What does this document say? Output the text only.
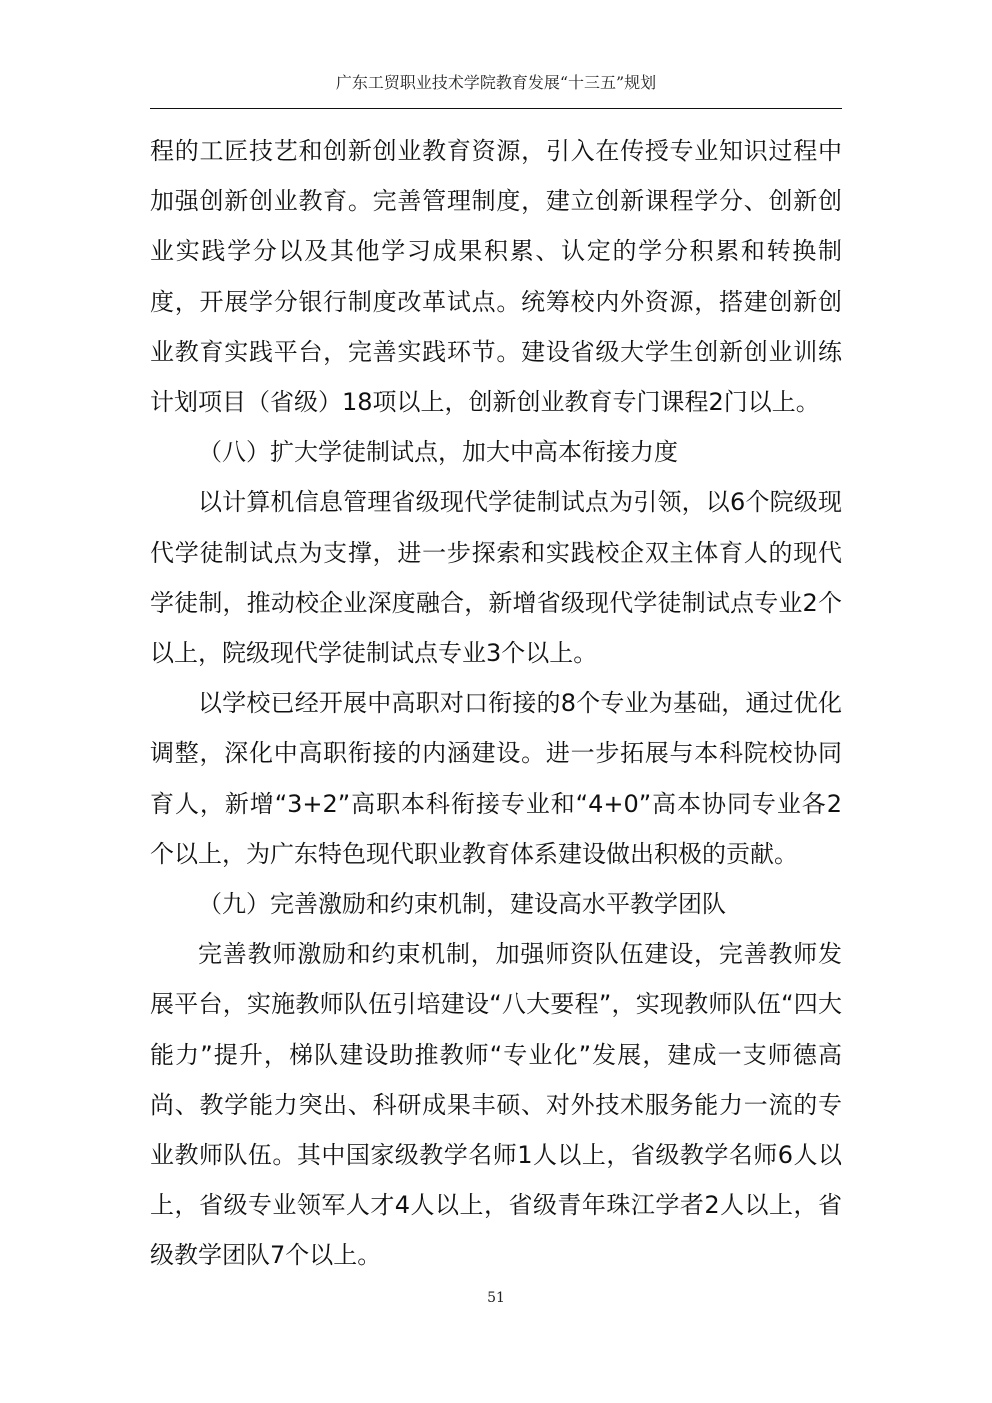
广东工贸职业技术学院教育发展“十三五”规划

程的工匠技艺和创新创业教育资源，引入在传授专业知识过程中加强创新创业教育。完善管理制度，建立创新课程学分、创新创业实践学分以及其他学习成果积累、认定的学分积累和转换制度，开展学分银行制度改革试点。统筹校内外资源，搭建创新创业教育实践平台，完善实践环节。建设省级大学生创新创业训练计划项目（省级）18项以上，创新创业教育专门课程2门以上。

（八）扩大学徒制试点，加大中高本衔接力度

以计算机信息管理省级现代学徒制试点为引领，以6个院级现代学徒制试点为支撑，进一步探索和实践校企双主体育人的现代学徒制，推动校企业深度融合，新增省级现代学徒制试点专业2个以上，院级现代学徒制试点专业3个以上。

以学校已经开展中高职对口衔接的8个专业为基础，通过优化调整，深化中高职衔接的内涵建设。进一步拓展与本科院校协同育人，新增“3+2”高职本科衔接专业和“4+0”高本协同专业各2个以上，为广东特色现代职业教育体系建设做出积极的贡献。

（九）完善激励和约束机制，建设高水平教学团队

完善教师激励和约束机制，加强师资队伍建设，完善教师发展平台，实施教师队伍引培建设“八大要程”，实现教师队伍“四大能力”提升，梯队建设助推教师“专业化”发展，建成一支师德高尚、教学能力突出、科研成果丰硕、对外技术服务能力一流的专业教师队伍。其中国家级教学名师1人以上，省级教学名师6人以上，省级专业领军人才4人以上，省级青年珠江学者2人以上，省级教学团队7个以上。

51
